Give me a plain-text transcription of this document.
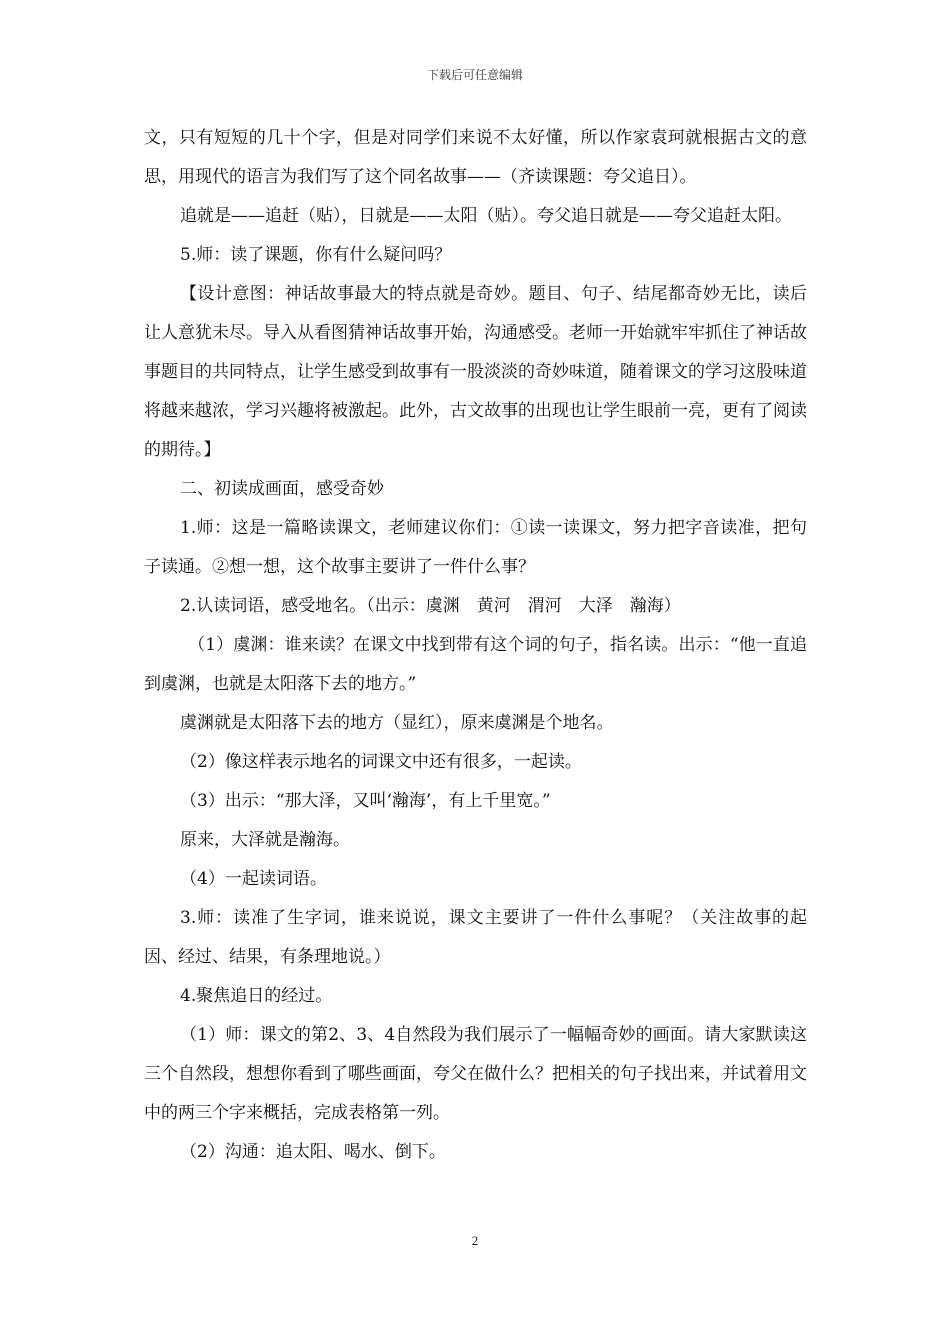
下载后可任意编辑

文，只有短短的几十个字，但是对同学们来说不太好懂，所以作家袁珂就根据古文的意思，用现代的语言为我们写了这个同名故事——（齐读课题：夸父追日）。

追就是——追赶（贴），日就是——太阳（贴）。夸父追日就是——夸父追赶太阳。

5.师：读了课题，你有什么疑问吗？

【设计意图：神话故事最大的特点就是奇妙。题目、句子、结尾都奇妙无比，读后让人意犹未尽。导入从看图猜神话故事开始，沟通感受。老师一开始就牢牢抓住了神话故事题目的共同特点，让学生感受到故事有一股淡淡的奇妙味道，随着课文的学习这股味道将越来越浓，学习兴趣将被激起。此外，古文故事的出现也让学生眼前一亮，更有了阅读的期待。】

二、初读成画面，感受奇妙

1.师：这是一篇略读课文，老师建议你们：①读一读课文，努力把字音读准，把句子读通。②想一想，这个故事主要讲了一件什么事？

2.认读词语，感受地名。（出示：虞渊　黄河　渭河　大泽　瀚海）

（1）虞渊：谁来读？在课文中找到带有这个词的句子，指名读。出示：“他一直追到虞渊，也就是太阳落下去的地方。”

虞渊就是太阳落下去的地方（显红），原来虞渊是个地名。

（2）像这样表示地名的词课文中还有很多，一起读。

（3）出示：“那大泽，又叫‘瀚海’，有上千里宽。”

原来，大泽就是瀚海。

（4）一起读词语。

3.师：读准了生字词，谁来说说，课文主要讲了一件什么事呢？（关注故事的起因、经过、结果，有条理地说。）

4.聚焦追日的经过。

（1）师：课文的第2、3、4自然段为我们展示了一幅幅奇妙的画面。请大家默读这三个自然段，想想你看到了哪些画面，夸父在做什么？把相关的句子找出来，并试着用文中的两三个字来概括，完成表格第一列。

（2）沟通：追太阳、喝水、倒下。

2
